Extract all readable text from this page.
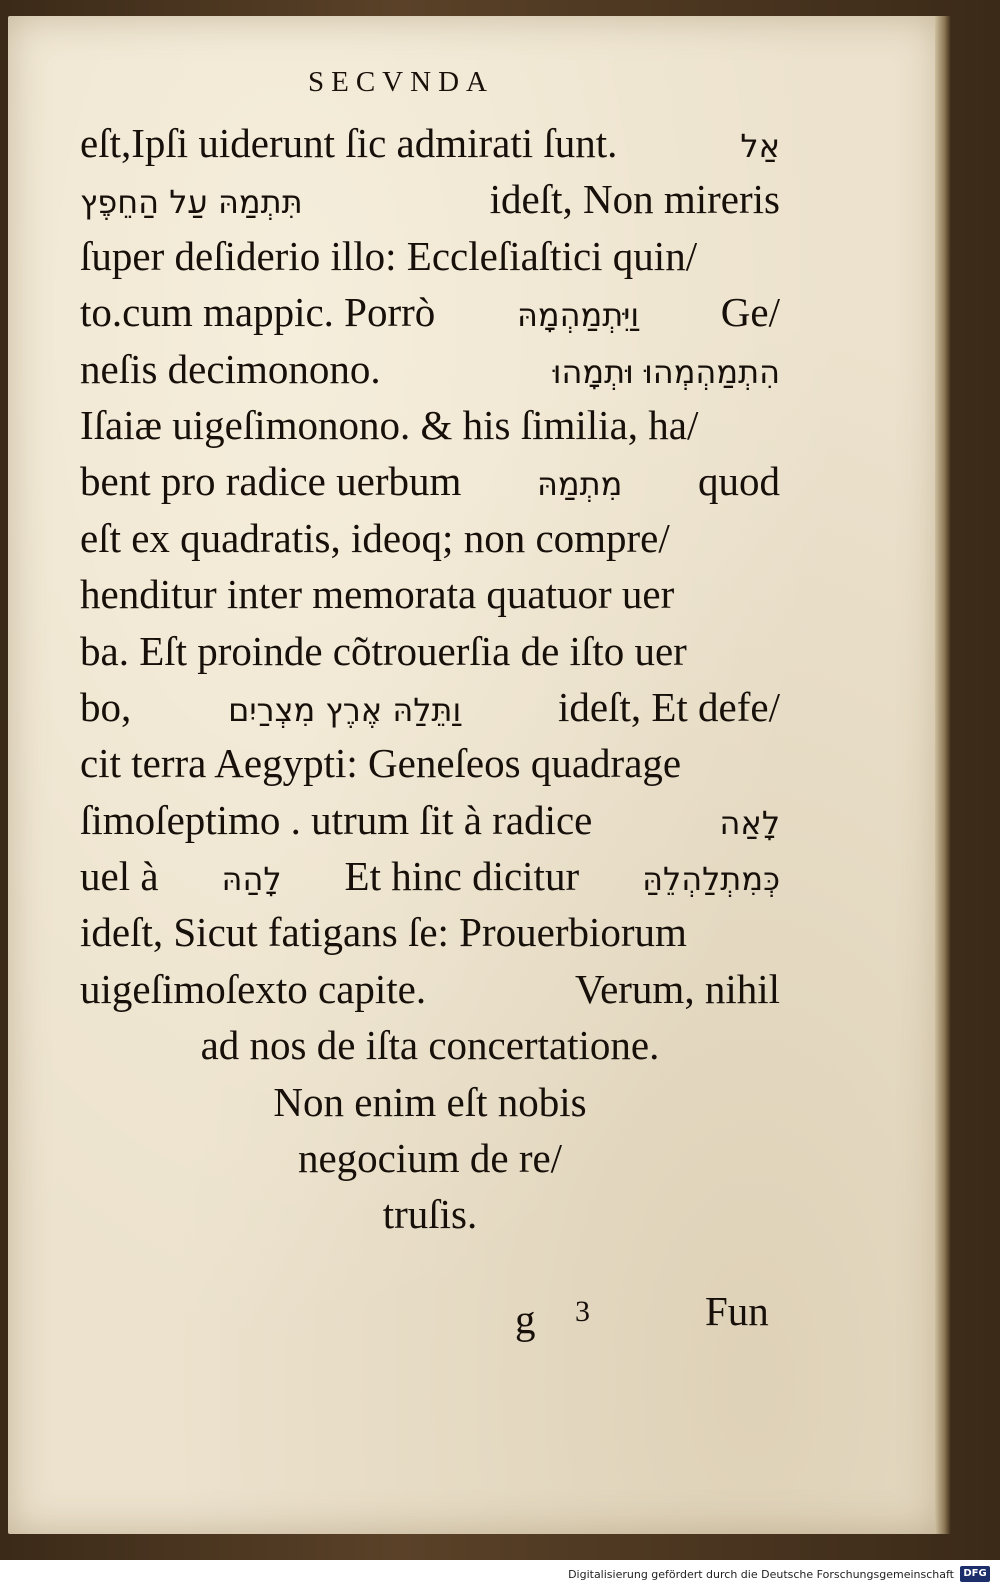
SECVNDA
eſt,Ipſi uiderunt ſic admirati ſunt.	אַל
תִּתְמַהּ עַל הַחֵפֶץ	ideſt, Non mireris
ſuper deſiderio illo: Eccleſiaſtici quin/
to.cum mappic. Porrò	וַיִּתְמַהְמָהּ Ge/
neſis decimonono.	הִתְמַהְמְהוּ וּתְמָהוּ
Iſaiæ uigeſimonono. & his ſimilia, ha/
bent pro radice uerbum מִתְמַהּ quod
eſt ex quadratis, ideoq; non compre/
henditur inter memorata quatuor uer
ba. Eſt proinde cõtrouerſia de iſto uer
bo,	וַתֵּלַהּ אֶרֶץ מִצְרַיִם ideſt, Et defe/
cit terra Aegypti: Geneſeos quadrage
ſimoſeptimo . utrum ſit à radice	לָאַה
uel à לָהַהּ Et hinc dicitur כְּמִתְלַהְלֵהַּ
ideſt, Sicut fatigans ſe: Prouerbiorum
uigeſimoſexto capite.	Verum, nihil
ad nos de iſta concertatione.
Non enim eſt nobis
negocium de re/
truſis.
g 3	Fun
Digitalisierung gefördert durch die Deutsche Forschungsgemeinschaft DFG
